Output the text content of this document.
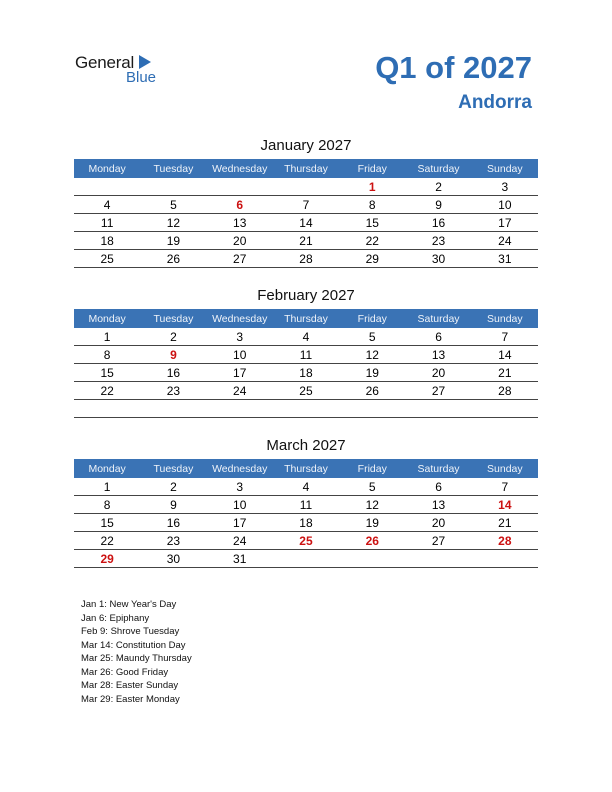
General
Blue	Q1 of 2027
Andorra
January 2027
Monday	Tuesday	Wednesday	Thursday	Friday	Saturday	Sunday
				1	2	3
4	5	6	7	8	9	10
11	12	13	14	15	16	17
18	19	20	21	22	23	24
25	26	27	28	29	30	31
February 2027
Monday	Tuesday	Wednesday	Thursday	Friday	Saturday	Sunday
1	2	3	4	5	6	7
8	9	10	11	12	13	14
15	16	17	18	19	20	21
22	23	24	25	26	27	28

March 2027
Monday	Tuesday	Wednesday	Thursday	Friday	Saturday	Sunday
1	2	3	4	5	6	7
8	9	10	11	12	13	14
15	16	17	18	19	20	21
22	23	24	25	26	27	28
29	30	31				
Jan 1: New Year's Day
Jan 6: Epiphany
Feb 9: Shrove Tuesday
Mar 14: Constitution Day
Mar 25: Maundy Thursday
Mar 26: Good Friday
Mar 28: Easter Sunday
Mar 29: Easter Monday
